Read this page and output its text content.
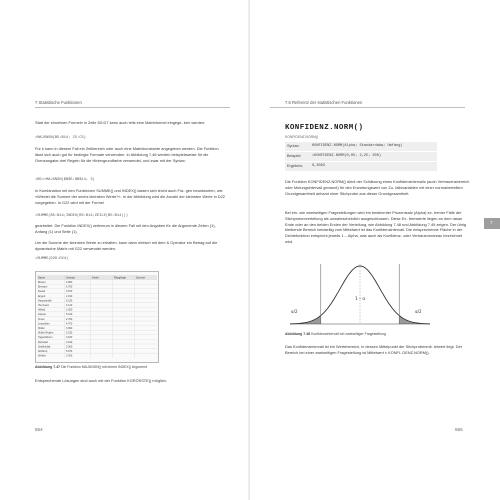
7 Statistische Funktionen
Statt der einzelnen Formeln in Zeile D5:D7 kann auch tells eine Matrixformel eingege- ben werden:
=MAJUNSN(B5:B14; C5:C5)
Für k kann in diesem Fall ein Zellbereich oder auch eine Matrixkonstante angegeben werden. Die Funktion lässt sich auch gut für bedingte Formate verwenden. In Abbildung 7.46 werden beispielsweise für die Grenzangabe drei Regeln für die Hintergrundfarbe verwendet, und zwar mit der Syntax:
=B5>=MAJUNSN($B$5:$B$14; 3)
In Kombination mit den Funktionen SUMME() und INDEX() lassen sich leicht auch Fra- gen beantworten, wie »Wieviel die Summe der sechs kleinsten Werte?«. In der Abbildung wird die Anzahl der kleinsten Werte in D22 vorgegeben. In G22 wird mit der Formel
=SUMME(B5:B14;INDEX(B5:B14;ZEILE(B5:B14)))
gearbeitet. Die Funktion INDEX() zeilenrum in diesem Fall mit den Angaben für die Argumente Zeilen (1), Anfang (1) und Seite (1).
Um die Summe der kleinsten Werte zu erhalten, kann dann einfach mit dem & Operator ein Betrag auf die dynamische Matrix mit G22 verwendet werden.
=SUMME(D20:D24)
Name	Umsatz	Anteil	Rangfolge	Summe
Becker	4.860
Bernaue	5.780
Dudek	3.870
Engert	2.910
Hauptstraße	6.330
Herrmann	4.120
Hillard	3.350
Kaspar	5.010
Kraus	2.780
Leopoldes	4.470
Müller	3.990
Müller Regine	5.230
Tagesfahrten	3.180
Rehwald	4.640
Seidlinblatt	2.560
Wohlrep	5.870
Wedler	3.420
Abbildung 7.47 Die Funktion MAJUNSN() mit einem INDEX() Argument
Entsprechende Lösungen sind auch mit der Funktion KGRÖSSTE() möglich.
554
7.6 Referenz der statistischen Funktionen
KONFIDENZ.NORM()
KONFIDENZ.NORM()
Syntax:	KONFIDENZ.NORM(Alpha; Standardabw; Umfang)
Beispiel:	=KONFIDENZ.NORM(0,05; 2,25; 200)
Ergebnis: 0,3093
Die Funktion KONFIDENZ.NORM() dient der Schätzung eines Konfidenzintervalls (auch Vertrauensbereich oder Mutungsintervall genannt) für den Erwartungswert von Zu- fallsvariablen mit einer normalverteilten Grundgesamtheit anhand einer Stichprobe aus dieser Grundgesamtheit.
Bei ein- wie zweiseitigen Fragestellungen wird ein bestimmter Prozentsatz (Alpha) ex- tremer Fälle der Stichprobenverteilung als unwahrscheinlich ausgeschlossen. Diese Ex- tremwerte liegen an dem rasan Ende oder an den beiden Enden der Verteilung, wie Abbildung 7.48 und Abbildung 7.49 zeigen. Der übrig bleibende Bereich beidseitig vom Mittelwert ist das Konfidenzintervall. Die entsprechende Fläche in der Dichtefunktion entspricht jeweils 1 – Alpha, was auch als Konfidenz- oder Vertrauensniveau bezeichnet wird.
7
α/2
1 – α
α/2
Abbildung 7.48 Konfidenzintervall bei zweiseitiger Fragestellung
Das Konfidenzintervall ist ein Wertebereich, in dessen Mittelpunkt der Stichprobenmit- telwert liegt. Der Bereich bei einer zweiseitigen Fragestellung ist Mittelwert ± KONFI- DENZ.NORM().
555
